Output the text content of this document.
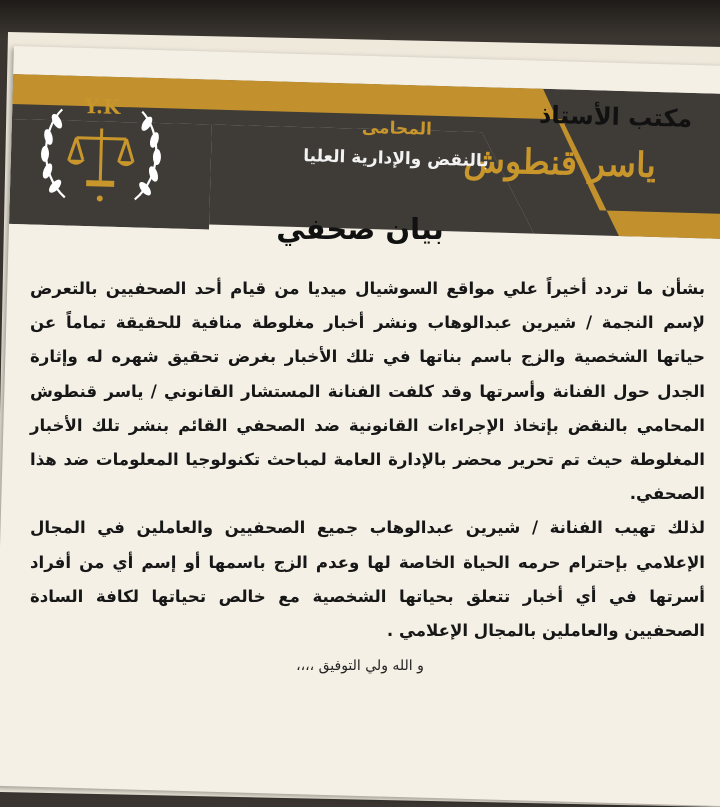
Y.K	مكتب الأستاذ
ياسر قنطوش
المحامى
بالنقض والإدارية العليا
بيان صحفي

بشأن ما تردد أخيراً علي مواقع السوشيال ميديا من قيام أحد الصحفيين بالتعرض لإسم النجمة / شيرين عبدالوهاب ونشر أخبار مغلوطة منافية للحقيقة تماماً عن حياتها الشخصية والزج باسم بناتها في تلك الأخبار بغرض تحقيق شهره له وإثارة الجدل حول الفنانة وأسرتها وقد كلفت الفنانة المستشار القانوني / ياسر قنطوش المحامي بالنقض بإتخاذ الإجراءات القانونية ضد الصحفي القائم بنشر تلك الأخبار المغلوطة حيث تم تحرير محضر بالإدارة العامة لمباحث تكنولوجيا المعلومات ضد هذا الصحفي.

لذلك تهيب الفنانة / شيرين عبدالوهاب جميع الصحفيين والعاملين في المجال الإعلامي بإحترام حرمه الحياة الخاصة لها وعدم الزج باسمها أو إسم أي من أفراد أسرتها في أي أخبار تتعلق بحياتها الشخصية مع خالص تحياتها لكافة السادة الصحفيين والعاملين بالمجال الإعلامي .

و الله ولي التوفيق ،،،،
